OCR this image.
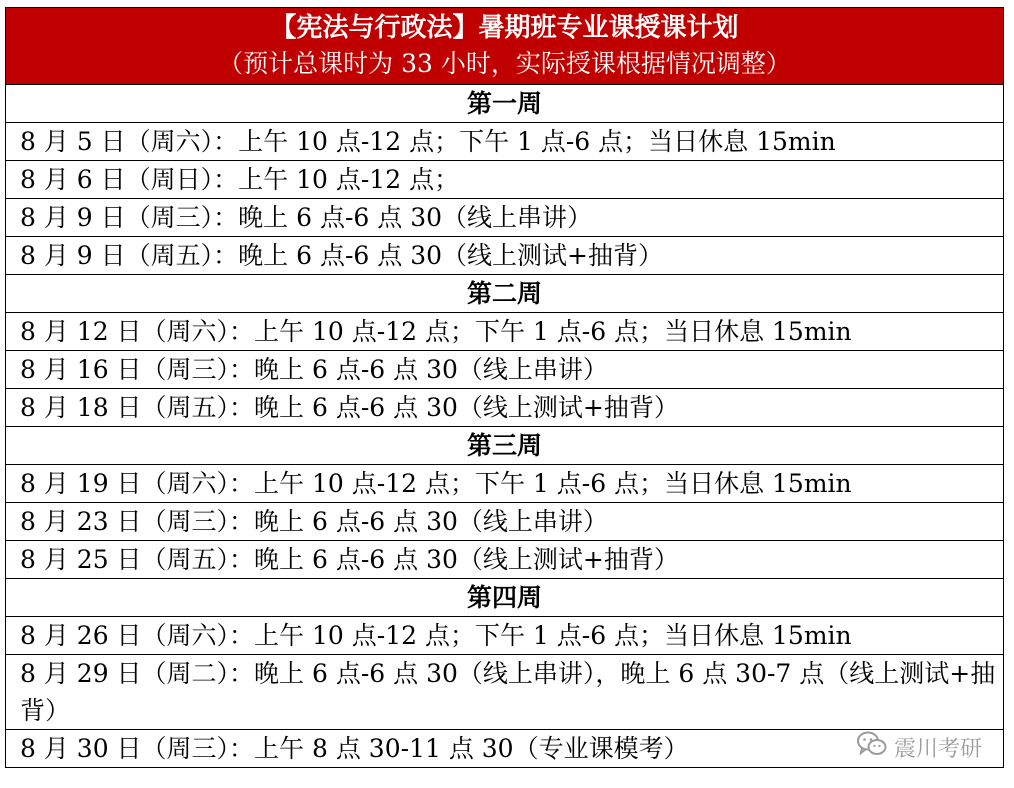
【宪法与行政法】暑期班专业课授课计划
（预计总课时为 33 小时，实际授课根据情况调整）

第一周
8 月 5 日（周六）：上午 10 点-12 点；下午 1 点-6 点；当日休息 15min
8 月 6 日（周日）：上午 10 点-12 点；
8 月 9 日（周三）：晚上 6 点-6 点 30（线上串讲）
8 月 9 日（周五）：晚上 6 点-6 点 30（线上测试+抽背）
第二周
8 月 12 日（周六）：上午 10 点-12 点；下午 1 点-6 点；当日休息 15min
8 月 16 日（周三）：晚上 6 点-6 点 30（线上串讲）
8 月 18 日（周五）：晚上 6 点-6 点 30（线上测试+抽背）
第三周
8 月 19 日（周六）：上午 10 点-12 点；下午 1 点-6 点；当日休息 15min
8 月 23 日（周三）：晚上 6 点-6 点 30（线上串讲）
8 月 25 日（周五）：晚上 6 点-6 点 30（线上测试+抽背）
第四周
8 月 26 日（周六）：上午 10 点-12 点；下午 1 点-6 点；当日休息 15min
8 月 29 日（周二）：晚上 6 点-6 点 30（线上串讲），晚上 6 点 30-7 点（线上测试+抽背）
8 月 30 日（周三）：上午 8 点 30-11 点 30（专业课模考）	震川考研
